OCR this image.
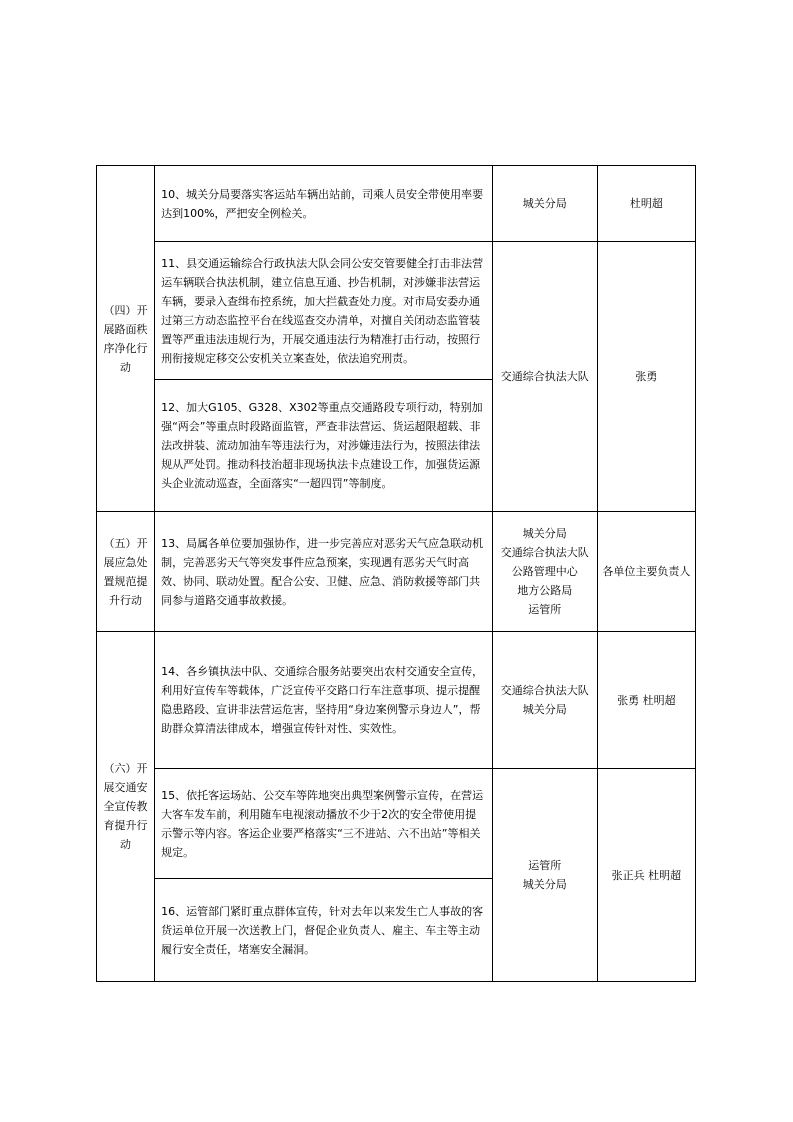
（四）开展路面秩序净化行动	10、城关分局要落实客运站车辆出站前，司乘人员安全带使用率要达到100%，严把安全例检关。	城关分局	杜明超
	11、县交通运输综合行政执法大队会同公安交管要健全打击非法营运车辆联合执法机制，建立信息互通、抄告机制，对涉嫌非法营运车辆，要录入查缉布控系统，加大拦截查处力度。对市局安委办通过第三方动态监控平台在线巡查交办清单，对擅自关闭动态监管装置等严重违法违规行为，开展交通违法行为精准打击行动，按照行刑衔接规定移交公安机关立案查处，依法追究刑责。	交通综合执法大队	张勇
	12、加大G105、G328、X302等重点交通路段专项行动，特别加强“两会”等重点时段路面监管，严查非法营运、货运超限超载、非法改拼装、流动加油车等违法行为，对涉嫌违法行为，按照法律法规从严处罚。推动科技治超非现场执法卡点建设工作，加强货运源头企业流动巡查，全面落实“一超四罚”等制度。		
（五）开展应急处置规范提升行动	13、局属各单位要加强协作，进一步完善应对恶劣天气应急联动机制，完善恶劣天气等突发事件应急预案，实现遇有恶劣天气时高效、协同、联动处置。配合公安、卫健、应急、消防救援等部门共同参与道路交通事故救援。	城关分局
交通综合执法大队
公路管理中心
地方公路局
运管所	各单位主要负责人
（六）开展交通安全宣传教育提升行动	14、各乡镇执法中队、交通综合服务站要突出农村交通安全宣传，利用好宣传车等载体，广泛宣传平交路口行车注意事项、提示提醒隐患路段、宣讲非法营运危害，坚持用“身边案例警示身边人”，帮助群众算清法律成本，增强宣传针对性、实效性。	交通综合执法大队
城关分局	张勇 杜明超
	15、依托客运场站、公交车等阵地突出典型案例警示宣传，在营运大客车发车前，利用随车电视滚动播放不少于2次的安全带使用提示警示等内容。客运企业要严格落实“三不进站、六不出站”等相关规定。	运管所
城关分局	张正兵 杜明超
	16、运管部门紧盯重点群体宣传，针对去年以来发生亡人事故的客货运单位开展一次送教上门，督促企业负责人、雇主、车主等主动履行安全责任，堵塞安全漏洞。		
